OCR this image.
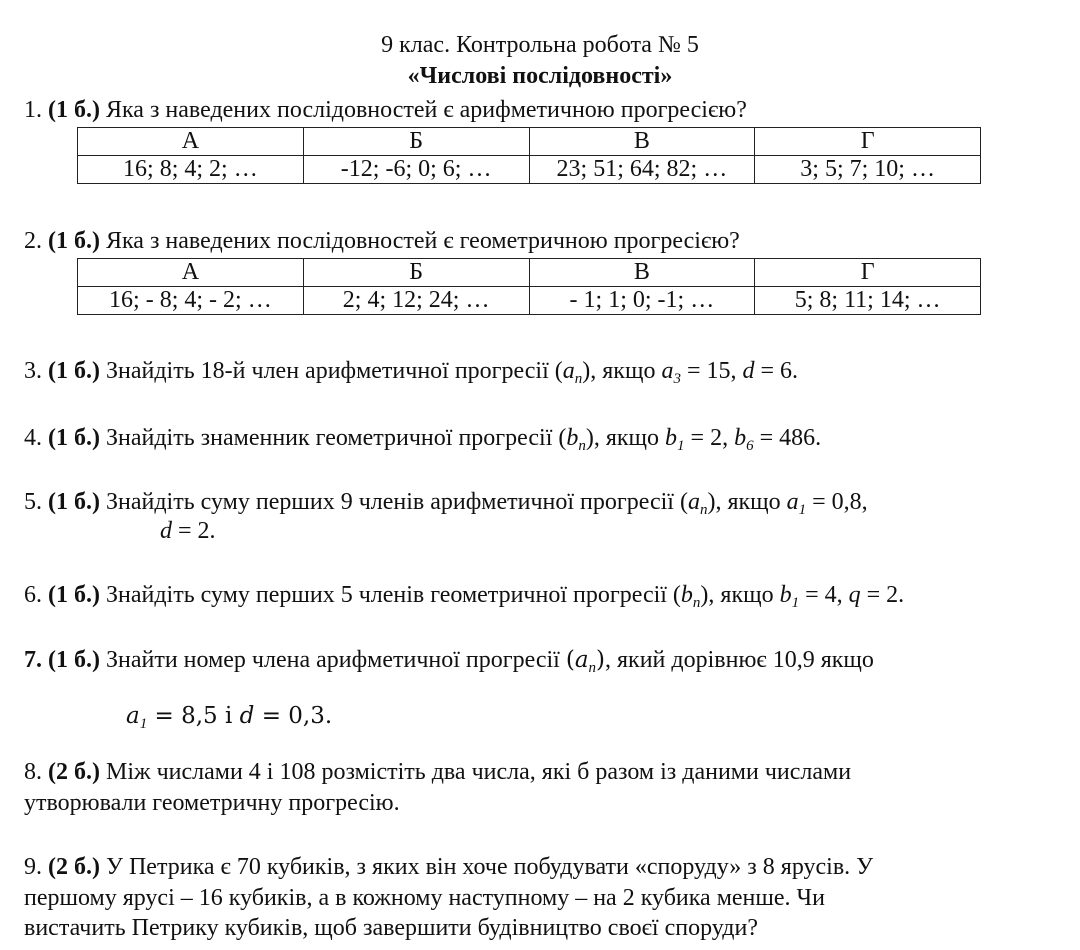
9 клас. Контрольна робота № 5
«Числові послідовності»
1. (1 б.) Яка з наведених послідовностей є арифметичною прогресією?
А	Б	В	Г
16; 8; 4; 2; …	-12; -6; 0; 6; …	23; 51; 64; 82; …	3; 5; 7; 10; …
2. (1 б.) Яка з наведених послідовностей є геометричною прогресією?
А	Б	В	Г
16; - 8; 4; - 2; …	2; 4; 12; 24; …	- 1; 1; 0; -1; …	5; 8; 11; 14; …
3. (1 б.) Знайдіть 18-й член арифметичної прогресії $(a_n)$, якщо $a_3 = 15$, d = 6.
4. (1 б.) Знайдіть знаменник геометричної прогресії $(b_n)$, якщо $b_1 = 2$, $b_6 = 486$.
5. (1 б.) Знайдіть суму перших 9 членів арифметичної прогресії $(a_n)$, якщо $a_1 = 0,8$,
d = 2.
6. (1 б.) Знайдіть суму перших 5 членів геометричної прогресії $(b_n)$, якщо $b_1 = 4$, q = 2.
7. (1 б.) Знайти номер члена арифметичної прогресії $(a_n)$, який дорівнює 10,9 якщо
$a_1 = 8,5$ і d = 0,3.
8. (2 б.) Між числами 4 і 108 розмістіть два числа, які б разом із даними числами
утворювали геометричну прогресію.
9. (2 б.) У Петрика є 70 кубиків, з яких він хоче побудувати «споруду» з 8 ярусів. У
першому ярусі – 16 кубиків, а в кожному наступному – на 2 кубика менше. Чи
вистачить Петрику кубиків, щоб завершити будівництво своєї споруди?
